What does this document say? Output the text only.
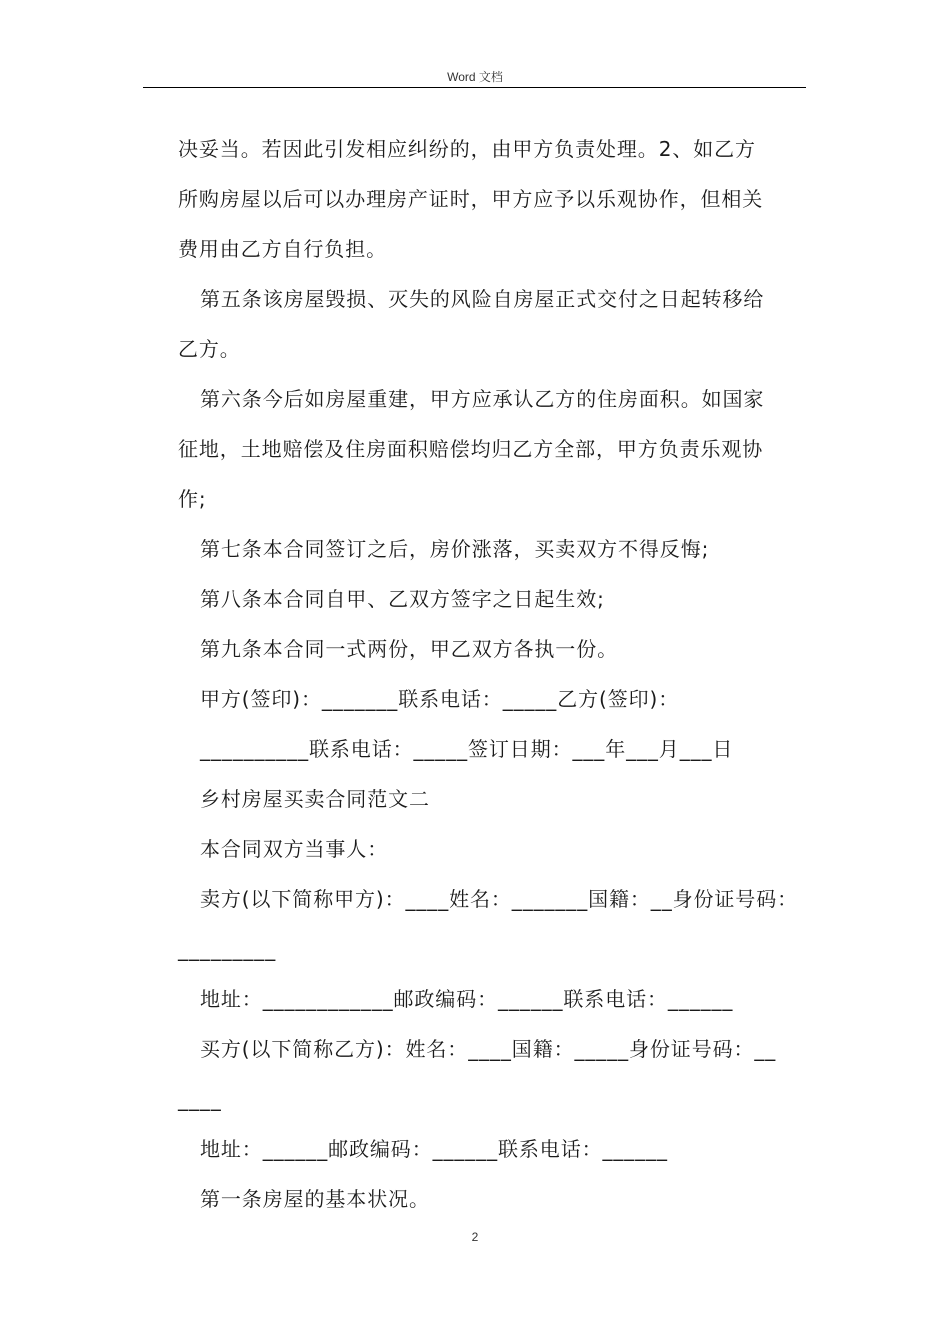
Word 文档
决妥当。若因此引发相应纠纷的，由甲方负责处理。2、如乙方
所购房屋以后可以办理房产证时，甲方应予以乐观协作，但相关
费用由乙方自行负担。
第五条该房屋毁损、灭失的风险自房屋正式交付之日起转移给
乙方。
第六条今后如房屋重建，甲方应承认乙方的住房面积。如国家
征地，土地赔偿及住房面积赔偿均归乙方全部，甲方负责乐观协
作;
第七条本合同签订之后，房价涨落，买卖双方不得反悔;
第八条本合同自甲、乙双方签字之日起生效;
第九条本合同一式两份，甲乙双方各执一份。
甲方(签印)：_______联系电话：_____乙方(签印)：
__________联系电话：_____签订日期：___年___月___日
乡村房屋买卖合同范文二
本合同双方当事人：
卖方(以下简称甲方)：____姓名：_______国籍：__身份证号码：
_________
地址：____________邮政编码：______联系电话：______
买方(以下简称乙方)：姓名：____国籍：_____身份证号码：__
____
地址：______邮政编码：______联系电话：______
第一条房屋的基本状况。
2
